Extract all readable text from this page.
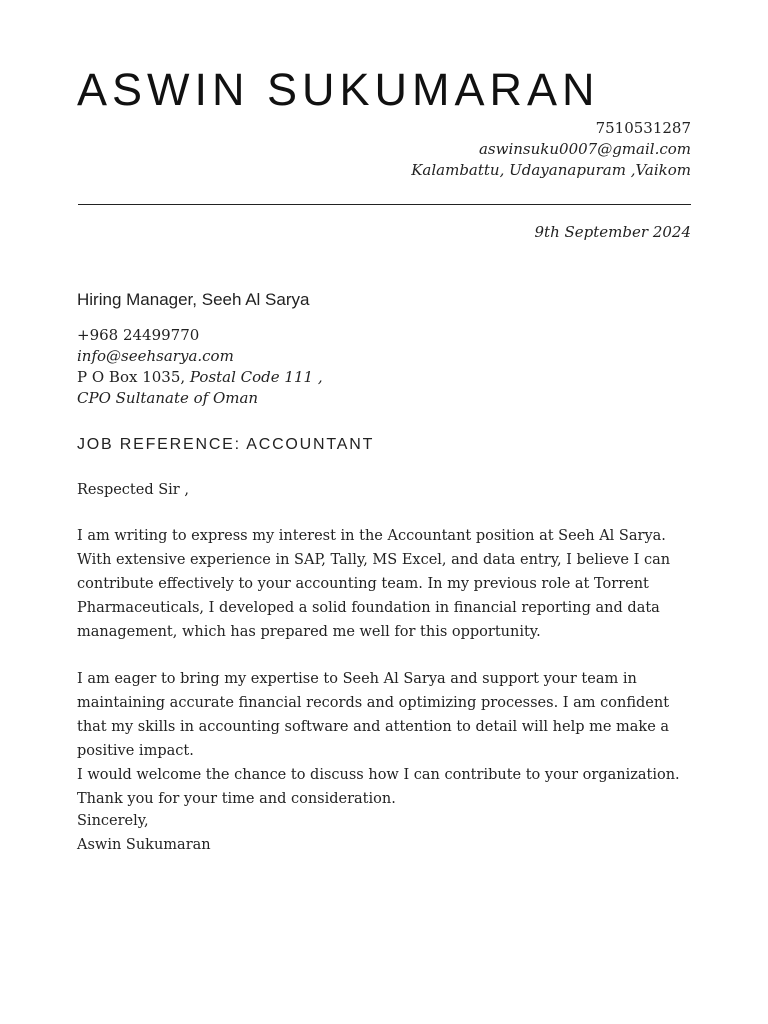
ASWIN SUKUMARAN
7510531287
aswinsuku0007@gmail.com
Kalambattu, Udayanapuram ,Vaikom
9th September 2024
Hiring Manager, Seeh Al Sarya
+968 24499770
info@seehsarya.com
P O Box 1035, Postal Code 111 ,
CPO Sultanate of Oman
JOB REFERENCE: ACCOUNTANT
Respected Sir ,
I am writing to express my interest in the Accountant position at Seeh Al Sarya. With extensive experience in SAP, Tally, MS Excel, and data entry, I believe I can contribute effectively to your accounting team. In my previous role at Torrent Pharmaceuticals, I developed a solid foundation in financial reporting and data management, which has prepared me well for this opportunity.
I am eager to bring my expertise to Seeh Al Sarya and support your team in maintaining accurate financial records and optimizing processes. I am confident that my skills in accounting software and attention to detail will help me make a positive impact.
I would welcome the chance to discuss how I can contribute to your organization.
Thank you for your time and consideration.
Sincerely,
Aswin Sukumaran
